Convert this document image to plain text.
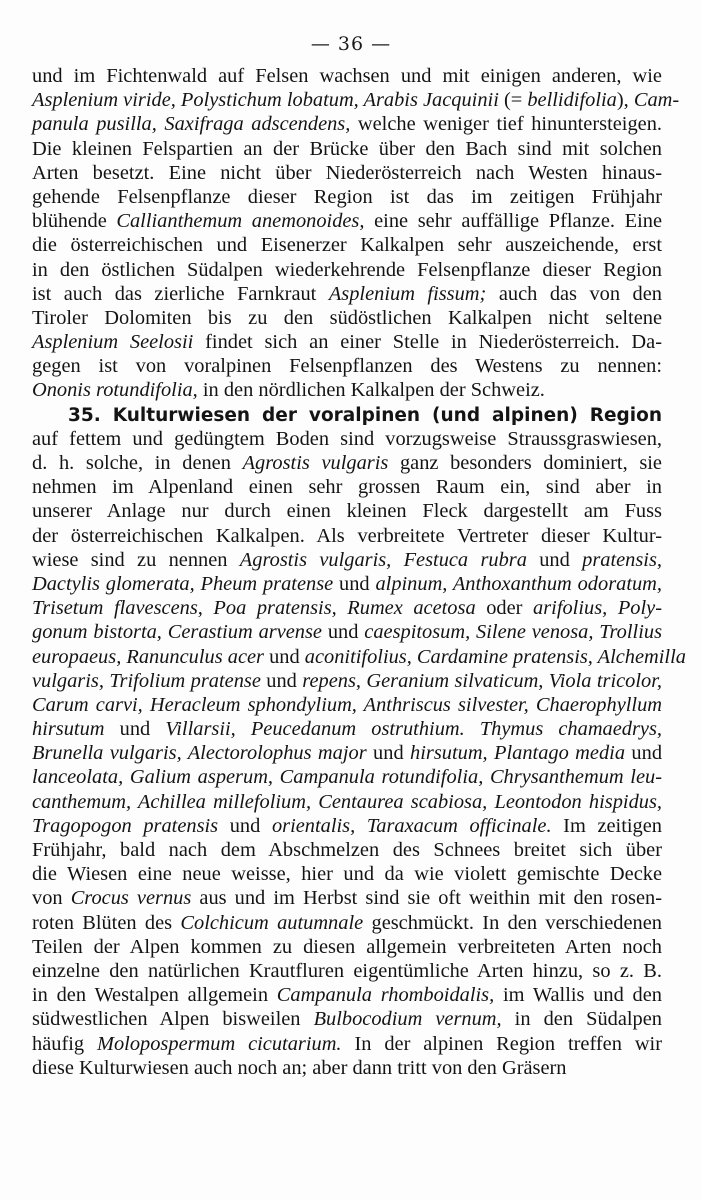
— 36 —
und im Fichtenwald auf Felsen wachsen und mit einigen anderen, wie
Asplenium viride, Polystichum lobatum, Arabis Jacquinii (= bellidifolia), Cam-
panula pusilla, Saxifraga adscendens, welche weniger tief hinuntersteigen.
Die kleinen Felspartien an der Brücke über den Bach sind mit solchen
Arten besetzt. Eine nicht über Niederösterreich nach Westen hinaus-
gehende Felsenpflanze dieser Region ist das im zeitigen Frühjahr
blühende Callianthemum anemonoides, eine sehr auffällige Pflanze. Eine
die österreichischen und Eisenerzer Kalkalpen sehr auszeichende, erst
in den östlichen Südalpen wiederkehrende Felsenpflanze dieser Region
ist auch das zierliche Farnkraut Asplenium fissum; auch das von den
Tiroler Dolomiten bis zu den südöstlichen Kalkalpen nicht seltene
Asplenium Seelosii findet sich an einer Stelle in Niederösterreich. Da-
gegen ist von voralpinen Felsenpflanzen des Westens zu nennen:
Ononis rotundifolia, in den nördlichen Kalkalpen der Schweiz.
35. Kulturwiesen der voralpinen (und alpinen) Region
auf fettem und gedüngtem Boden sind vorzugsweise Straussgraswiesen,
d. h. solche, in denen Agrostis vulgaris ganz besonders dominiert, sie
nehmen im Alpenland einen sehr grossen Raum ein, sind aber in
unserer Anlage nur durch einen kleinen Fleck dargestellt am Fuss
der österreichischen Kalkalpen. Als verbreitete Vertreter dieser Kultur-
wiese sind zu nennen Agrostis vulgaris, Festuca rubra und pratensis,
Dactylis glomerata, Pheum pratense und alpinum, Anthoxanthum odoratum,
Trisetum flavescens, Poa pratensis, Rumex acetosa oder arifolius, Poly-
gonum bistorta, Cerastium arvense und caespitosum, Silene venosa, Trollius
europaeus, Ranunculus acer und aconitifolius, Cardamine pratensis, Alchemilla
vulgaris, Trifolium pratense und repens, Geranium silvaticum, Viola tricolor,
Carum carvi, Heracleum sphondylium, Anthriscus silvester, Chaerophyllum
hirsutum und Villarsii, Peucedanum ostruthium. Thymus chamaedrys,
Brunella vulgaris, Alectorolophus major und hirsutum, Plantago media und
lanceolata, Galium asperum, Campanula rotundifolia, Chrysanthemum leu-
canthemum, Achillea millefolium, Centaurea scabiosa, Leontodon hispidus,
Tragopogon pratensis und orientalis, Taraxacum officinale. Im zeitigen
Frühjahr, bald nach dem Abschmelzen des Schnees breitet sich über
die Wiesen eine neue weisse, hier und da wie violett gemischte Decke
von Crocus vernus aus und im Herbst sind sie oft weithin mit den rosen-
roten Blüten des Colchicum autumnale geschmückt. In den verschiedenen
Teilen der Alpen kommen zu diesen allgemein verbreiteten Arten noch
einzelne den natürlichen Krautfluren eigentümliche Arten hinzu, so z. B.
in den Westalpen allgemein Campanula rhomboidalis, im Wallis und den
südwestlichen Alpen bisweilen Bulbocodium vernum, in den Südalpen
häufig Molopospermum cicutarium. In der alpinen Region treffen wir
diese Kulturwiesen auch noch an; aber dann tritt von den Gräsern
